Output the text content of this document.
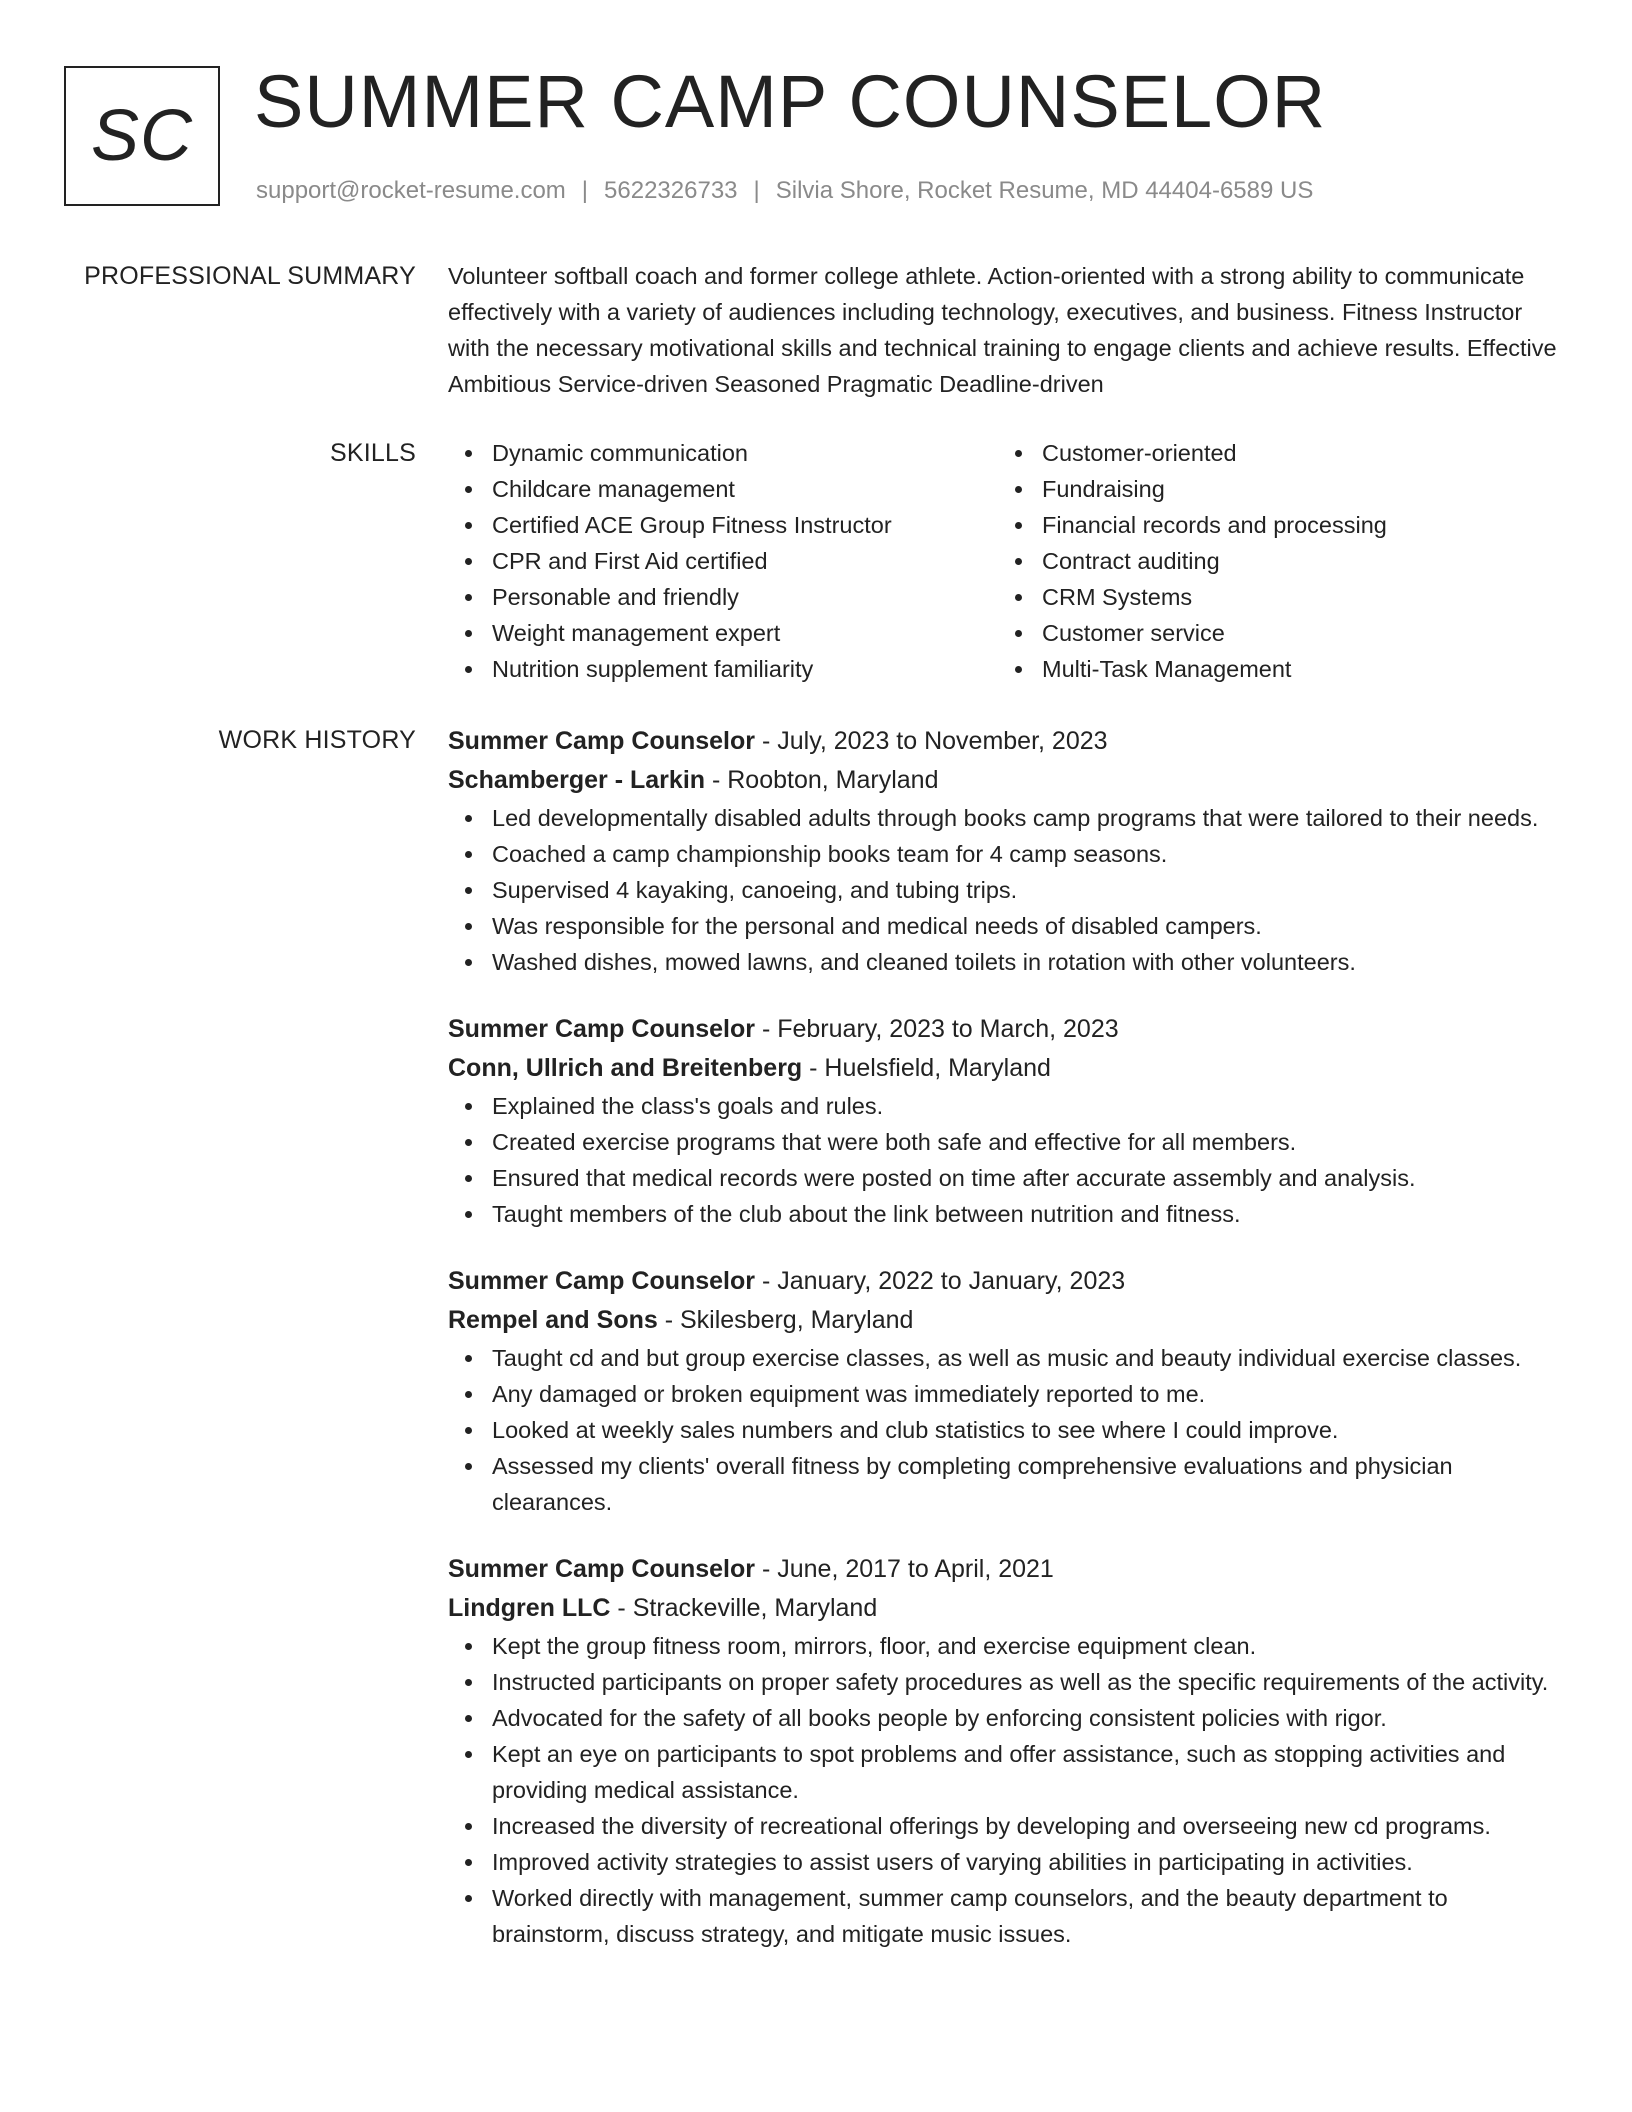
SC SUMMER CAMP COUNSELOR
support@rocket-resume.com | 5622326733 | Silvia Shore, Rocket Resume, MD 44404-6589 US
PROFESSIONAL SUMMARY Volunteer softball coach and former college athlete. Action-oriented with a strong ability to communicate effectively with a variety of audiences including technology, executives, and business. Fitness Instructor with the necessary motivational skills and technical training to engage clients and achieve results. Effective Ambitious Service-driven Seasoned Pragmatic Deadline-driven

SKILLS	Dynamic communication
Childcare management
Certified ACE Group Fitness Instructor
CPR and First Aid certified
Personable and friendly
Weight management expert
Nutrition supplement familiarity
Customer-oriented
Fundraising
Financial records and processing
Contract auditing
CRM Systems
Customer service
Multi-Task Management
WORK HISTORY Summer Camp Counselor - July, 2023 to November, 2023
Schamberger - Larkin - Roobton, Maryland
Led developmentally disabled adults through books camp programs that were tailored to their needs.
Coached a camp championship books team for 4 camp seasons.
Supervised 4 kayaking, canoeing, and tubing trips.
Was responsible for the personal and medical needs of disabled campers.
Washed dishes, mowed lawns, and cleaned toilets in rotation with other volunteers.
Summer Camp Counselor - February, 2023 to March, 2023
Conn, Ullrich and Breitenberg - Huelsfield, Maryland
Explained the class's goals and rules.
Created exercise programs that were both safe and effective for all members.
Ensured that medical records were posted on time after accurate assembly and analysis.
Taught members of the club about the link between nutrition and fitness.
Summer Camp Counselor - January, 2022 to January, 2023
Rempel and Sons - Skilesberg, Maryland
Taught cd and but group exercise classes, as well as music and beauty individual exercise classes.
Any damaged or broken equipment was immediately reported to me.
Looked at weekly sales numbers and club statistics to see where I could improve.
Assessed my clients' overall fitness by completing comprehensive evaluations and physician clearances.
Summer Camp Counselor - June, 2017 to April, 2021
Lindgren LLC - Strackeville, Maryland
Kept the group fitness room, mirrors, floor, and exercise equipment clean.
Instructed participants on proper safety procedures as well as the specific requirements of the activity.
Advocated for the safety of all books people by enforcing consistent policies with rigor.
Kept an eye on participants to spot problems and offer assistance, such as stopping activities and providing medical assistance.
Increased the diversity of recreational offerings by developing and overseeing new cd programs.
Improved activity strategies to assist users of varying abilities in participating in activities.
Worked directly with management, summer camp counselors, and the beauty department to brainstorm, discuss strategy, and mitigate music issues.
